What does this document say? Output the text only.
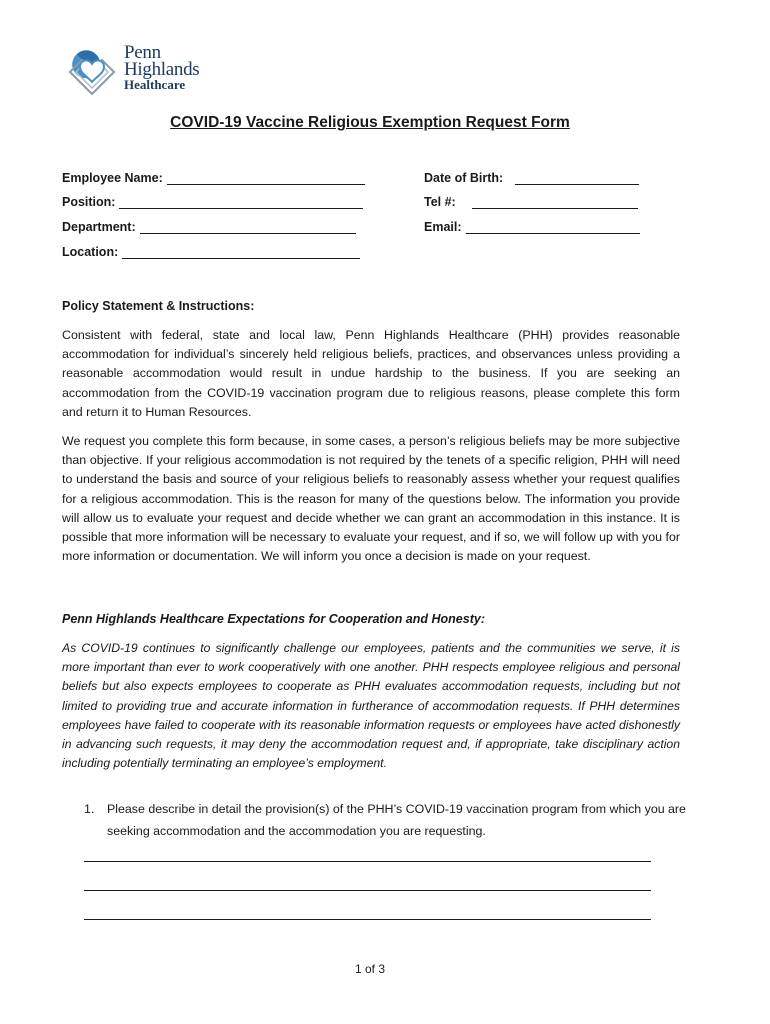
Penn
Highlands
Healthcare
COVID-19 Vaccine Religious Exemption Request Form
Employee Name:
Position:
Department:
Location:
Date of Birth:
Tel #:
Email:
Policy Statement & Instructions:

Consistent with federal, state and local law, Penn Highlands Healthcare (PHH) provides reasonable accommodation for individual’s sincerely held religious beliefs, practices, and observances unless providing a reasonable accommodation would result in undue hardship to the business. If you are seeking an accommodation from the COVID-19 vaccination program due to religious reasons, please complete this form and return it to Human Resources.

We request you complete this form because, in some cases, a person’s religious beliefs may be more subjective than objective. If your religious accommodation is not required by the tenets of a specific religion, PHH will need to understand the basis and source of your religious beliefs to reasonably assess whether your request qualifies for a religious accommodation. This is the reason for many of the questions below. The information you provide will allow us to evaluate your request and decide whether we can grant an accommodation in this instance. It is possible that more information will be necessary to evaluate your request, and if so, we will follow up with you for more information or documentation. We will inform you once a decision is made on your request.

Penn Highlands Healthcare Expectations for Cooperation and Honesty:

As COVID-19 continues to significantly challenge our employees, patients and the communities we serve, it is more important than ever to work cooperatively with one another. PHH respects employee religious and personal beliefs but also expects employees to cooperate as PHH evaluates accommodation requests, including but not limited to providing true and accurate information in furtherance of accommodation requests. If PHH determines employees have failed to cooperate with its reasonable information requests or employees have acted dishonestly in advancing such requests, it may deny the accommodation request and, if appropriate, take disciplinary action including potentially terminating an employee’s employment.

1. Please describe in detail the provision(s) of the PHH’s COVID-19 vaccination program from which you are seeking accommodation and the accommodation you are requesting.
1 of 3
